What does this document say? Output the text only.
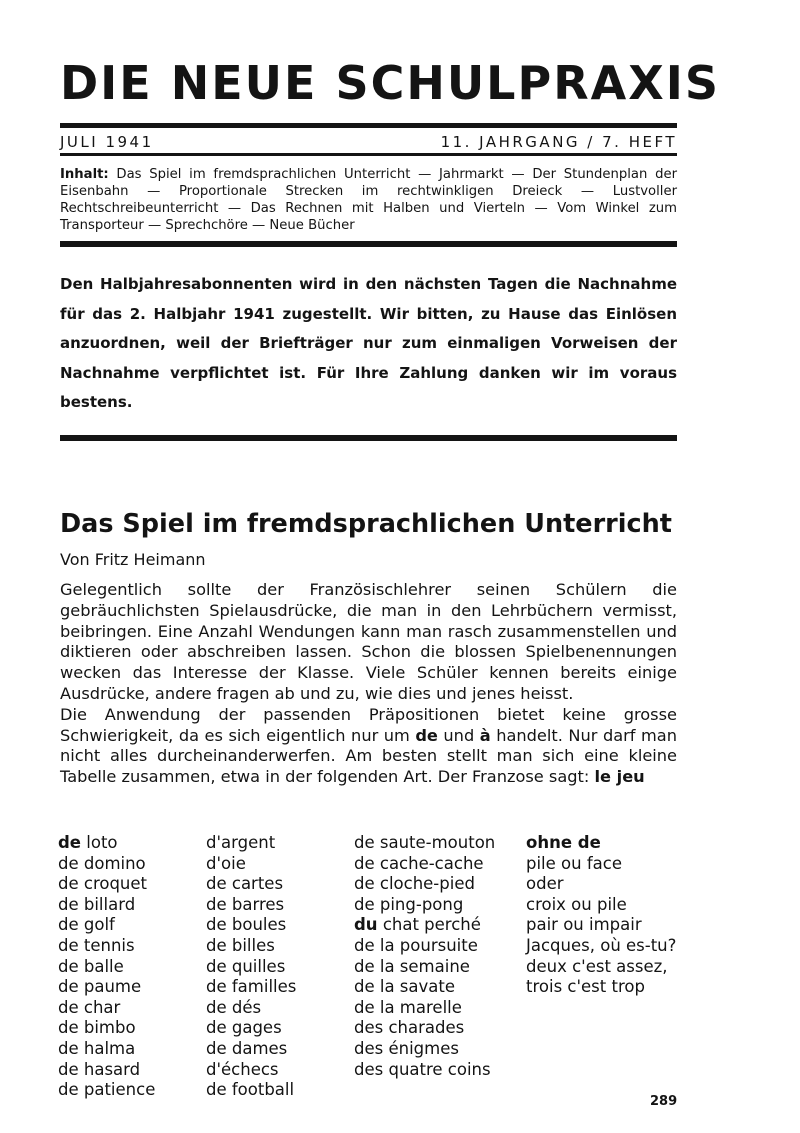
DIE NEUE SCHULPRAXIS
JULI 1941	11. JAHRGANG / 7. HEFT

Inhalt: Das Spiel im fremdsprachlichen Unterricht — Jahrmarkt — Der Stundenplan der Eisenbahn — Proportionale Strecken im rechtwinkligen Dreieck — Lustvoller Rechtschreibeunterricht — Das Rechnen mit Halben und Vierteln — Vom Winkel zum Transporteur — Sprechchöre — Neue Bücher

Den Halbjahresabonnenten wird in den nächsten Tagen die Nachnahme für das 2. Halbjahr 1941 zugestellt. Wir bitten, zu Hause das Einlösen anzuordnen, weil der Briefträger nur zum einmaligen Vorweisen der Nachnahme verpflichtet ist. Für Ihre Zahlung danken wir im voraus bestens.

Das Spiel im fremdsprachlichen Unterricht

Von Fritz Heimann

Gelegentlich sollte der Französischlehrer seinen Schülern die gebräuchlichsten Spielausdrücke, die man in den Lehrbüchern vermisst, beibringen. Eine Anzahl Wendungen kann man rasch zusammenstellen und diktieren oder abschreiben lassen. Schon die blossen Spielbenennungen wecken das Interesse der Klasse. Viele Schüler kennen bereits einige Ausdrücke, andere fragen ab und zu, wie dies und jenes heisst.

Die Anwendung der passenden Präpositionen bietet keine grosse Schwierigkeit, da es sich eigentlich nur um de und à handelt. Nur darf man nicht alles durcheinanderwerfen. Am besten stellt man sich eine kleine Tabelle zusammen, etwa in der folgenden Art. Der Franzose sagt: le jeu

de loto
de domino
de croquet
de billard
de golf
de tennis
de balle
de paume
de char
de bimbo
de halma
de hasard
de patience
d'argent
d'oie
de cartes
de barres
de boules
de billes
de quilles
de familles
de dés
de gages
de dames
d'échecs
de football
de saute-mouton
de cache-cache
de cloche-pied
de ping-pong
du chat perché
de la poursuite
de la semaine
de la savate
de la marelle
des charades
des énigmes
des quatre coins
ohne de
pile ou face
oder
croix ou pile
pair ou impair
Jacques, où es-tu?
deux c'est assez,
trois c'est trop
289
